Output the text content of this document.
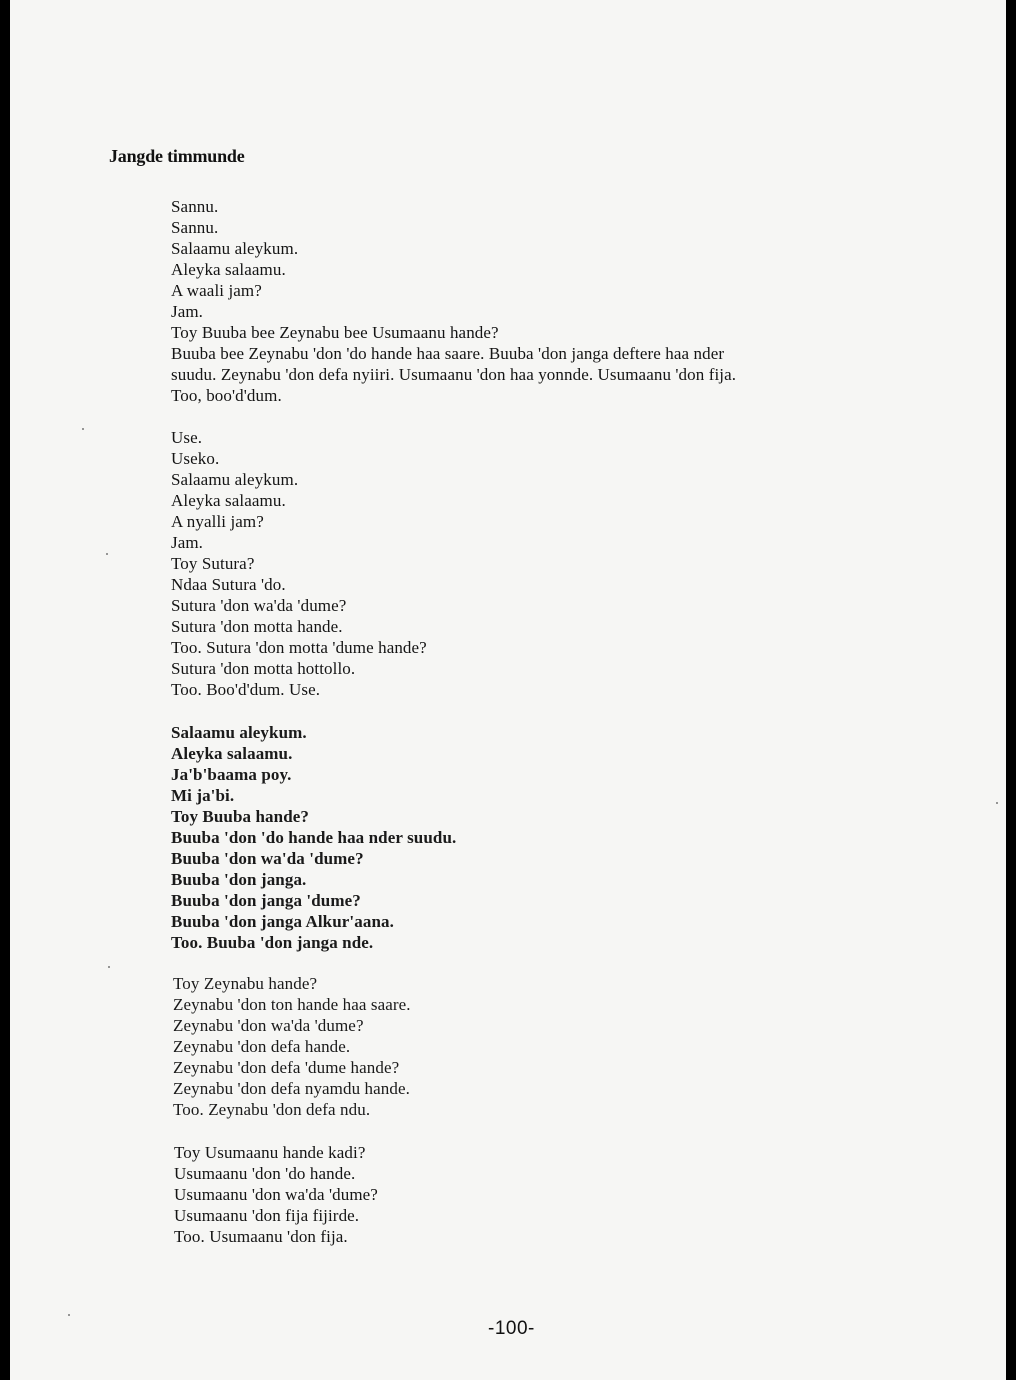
Jangde timmunde
Sannu.
Sannu.
Salaamu aleykum.
Aleyka salaamu.
A waali jam?
Jam.
Toy Buuba bee Zeynabu bee Usumaanu hande?
Buuba bee Zeynabu 'don 'do hande haa saare. Buuba 'don janga deftere haa nder
suudu. Zeynabu 'don defa nyiiri. Usumaanu 'don haa yonnde. Usumaanu 'don fija.
Too, boo'd'dum.
Use.
Useko.
Salaamu aleykum.
Aleyka salaamu.
A nyalli jam?
Jam.
Toy Sutura?
Ndaa Sutura 'do.
Sutura 'don wa'da 'dume?
Sutura 'don motta hande.
Too. Sutura 'don motta 'dume hande?
Sutura 'don motta hottollo.
Too. Boo'd'dum. Use.
Salaamu aleykum.
Aleyka salaamu.
Ja'b'baama poy.
Mi ja'bi.
Toy Buuba hande?
Buuba 'don 'do hande haa nder suudu.
Buuba 'don wa'da 'dume?
Buuba 'don janga.
Buuba 'don janga 'dume?
Buuba 'don janga Alkur'aana.
Too. Buuba 'don janga nde.
Toy Zeynabu hande?
Zeynabu 'don ton hande haa saare.
Zeynabu 'don wa'da 'dume?
Zeynabu 'don defa hande.
Zeynabu 'don defa 'dume hande?
Zeynabu 'don defa nyamdu hande.
Too. Zeynabu 'don defa ndu.
Toy Usumaanu hande kadi?
Usumaanu 'don 'do hande.
Usumaanu 'don wa'da 'dume?
Usumaanu 'don fija fijirde.
Too. Usumaanu 'don fija.
-100-
